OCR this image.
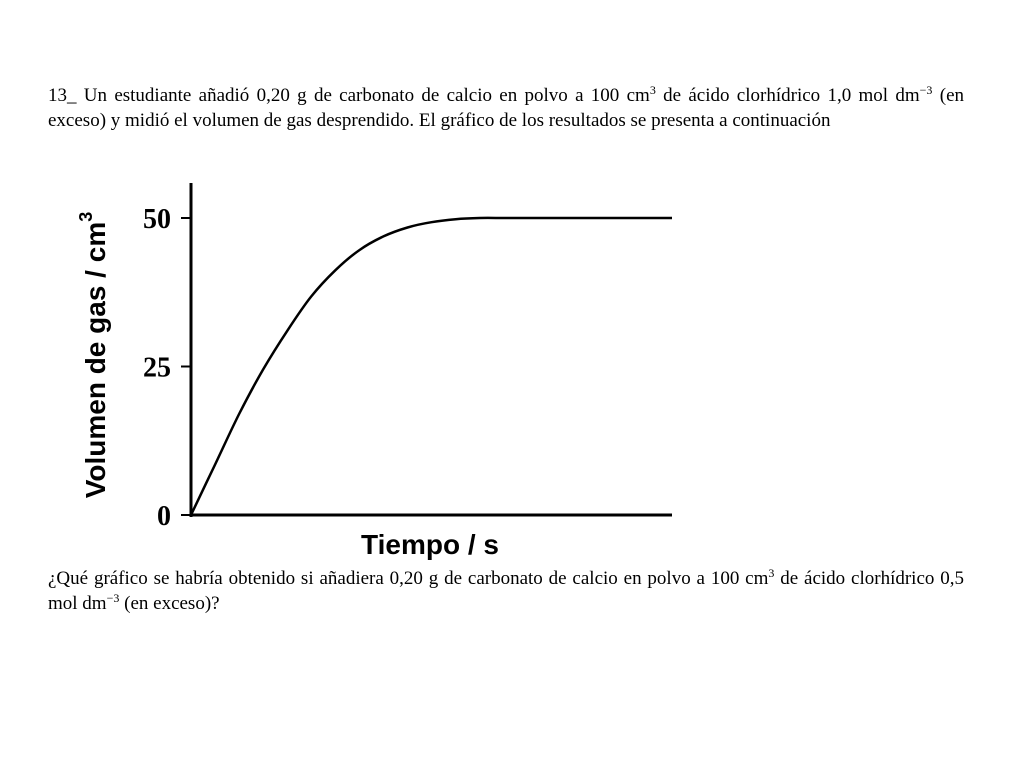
13_ Un estudiante añadió 0,20 g de carbonato de calcio en polvo a 100 $cm^3$ de ácido clorhídrico 1,0 mol $dm^{-3}$ (en exceso) y midió el volumen de gas desprendido. El gráfico de los resultados se presenta a continuación

Volumen de gas / $cm^3$
0
25
50
Tiempo / s

¿Qué gráfico se habría obtenido si añadiera 0,20 g de carbonato de calcio en polvo a 100 $cm^3$ de ácido clorhídrico 0,5 mol $dm^{-3}$ (en exceso)?
